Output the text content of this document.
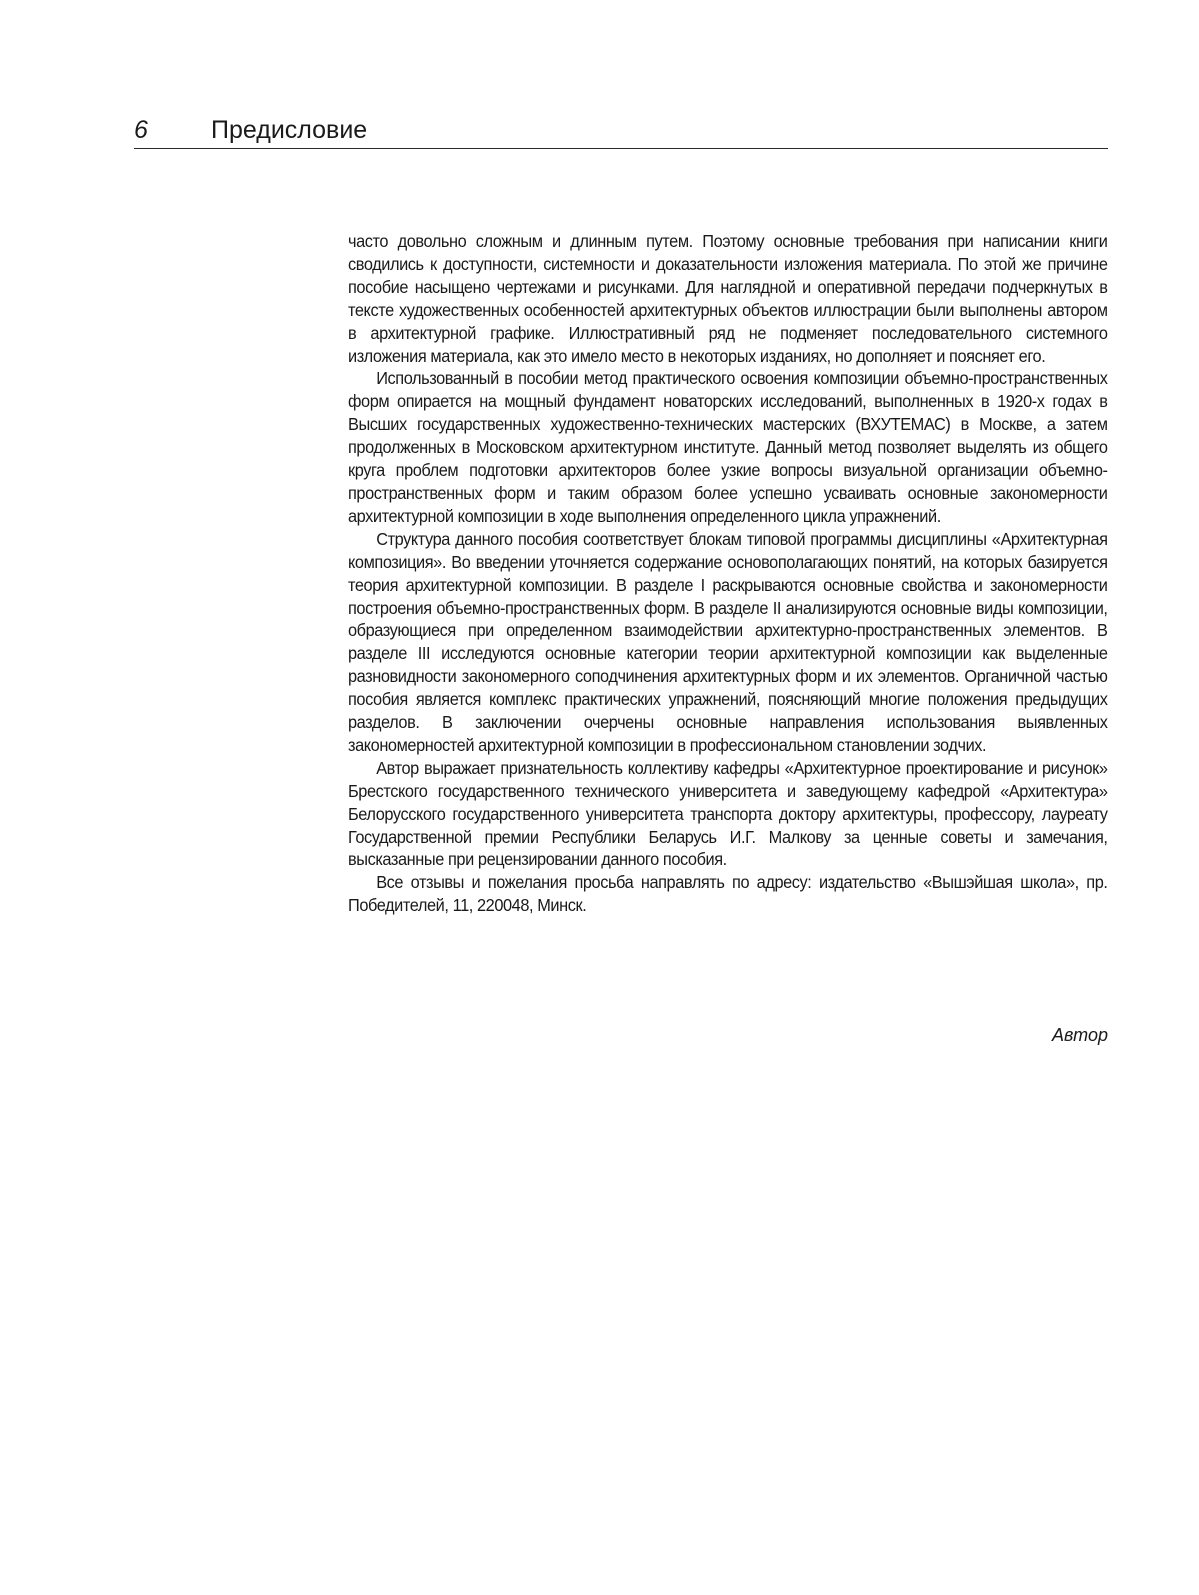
6	Предисловие

часто довольно сложным и длинным путем. Поэтому основные требования при написании книги сводились к доступности, системности и доказательности изложения материала. По этой же причине пособие насыщено чертежами и рисунками. Для наглядной и оперативной передачи подчеркнутых в тексте художественных особенностей архитектурных объектов иллюстрации были выполнены автором в архитектурной графике. Иллюстративный ряд не подменяет последовательного системного изложения материала, как это имело место в некоторых изданиях, но дополняет и поясняет его.

Использованный в пособии метод практического освоения композиции объемно-пространственных форм опирается на мощный фундамент новаторских исследований, выполненных в 1920-х годах в Высших государственных художественно-технических мастерских (ВХУТЕМАС) в Москве, а затем продолженных в Московском архитектурном институте. Данный метод позволяет выделять из общего круга проблем подготовки архитекторов более узкие вопросы визуальной организации объемно-пространственных форм и таким образом более успешно усваивать основные закономерности архитектурной композиции в ходе выполнения определенного цикла упражнений.

Структура данного пособия соответствует блокам типовой программы дисциплины «Архитектурная композиция». Во введении уточняется содержание основополагающих понятий, на которых базируется теория архитектурной композиции. В разделе I раскрываются основные свойства и закономерности построения объемно-пространственных форм. В разделе II анализируются основные виды композиции, образующиеся при определенном взаимодействии архитектурно-пространственных элементов. В разделе III исследуются основные категории теории архитектурной композиции как выделенные разновидности закономерного соподчинения архитектурных форм и их элементов. Органичной частью пособия является комплекс практических упражнений, поясняющий многие положения предыдущих разделов. В заключении очерчены основные направления использования выявленных закономерностей архитектурной композиции в профессиональном становлении зодчих.

Автор выражает признательность коллективу кафедры «Архитектурное проектирование и рисунок» Брестского государственного технического университета и заведующему кафедрой «Архитектура» Белорусского государственного университета транспорта доктору архитектуры, профессору, лауреату Государственной премии Республики Беларусь И.Г. Малкову за ценные советы и замечания, высказанные при рецензировании данного пособия.

Все отзывы и пожелания просьба направлять по адресу: издательство «Вышэйшая школа», пр. Победителей, 11, 220048, Минск.

Автор
